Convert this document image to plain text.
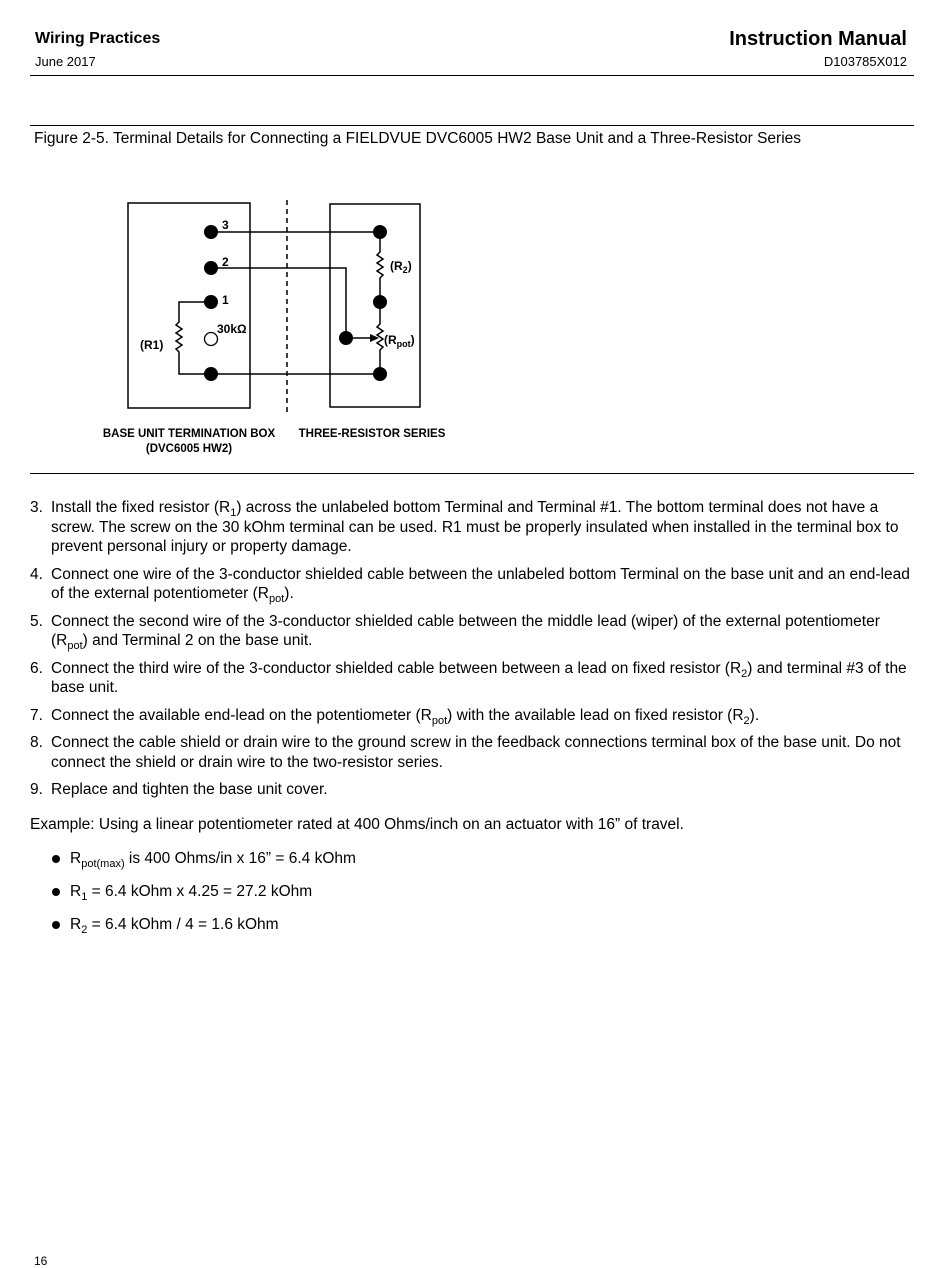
Wiring Practices
June 2017
Instruction Manual
D103785X012
Figure 2-5. Terminal Details for Connecting a FIELDVUE DVC6005 HW2 Base Unit and a Three-Resistor Series
3
2
1
30kΩ
(R1)
$(R_2)$
$(R_{pot})$
BASE UNIT TERMINATION BOX
(DVC6005 HW2)
THREE-RESISTOR SERIES
3. Install the fixed resistor $(R_1)$ across the unlabeled bottom Terminal and Terminal #1. The bottom terminal does not have a screw. The screw on the 30 kOhm terminal can be used. R1 must be properly insulated when installed in the terminal box to prevent personal injury or property damage.
4. Connect one wire of the 3-conductor shielded cable between the unlabeled bottom Terminal on the base unit and an end-lead of the external potentiometer $(R_{pot})$.
5. Connect the second wire of the 3-conductor shielded cable between the middle lead (wiper) of the external potentiometer $(R_{pot})$ and Terminal 2 on the base unit.
6. Connect the third wire of the 3-conductor shielded cable between between a lead on fixed resistor $(R_2)$ and terminal #3 of the base unit.
7. Connect the available end-lead on the potentiometer $(R_{pot})$ with the available lead on fixed resistor $(R_2)$.
8. Connect the cable shield or drain wire to the ground screw in the feedback connections terminal box of the base unit. Do not connect the shield or drain wire to the two-resistor series.
9. Replace and tighten the base unit cover.
Example: Using a linear potentiometer rated at 400 Ohms/inch on an actuator with 16” of travel.
$R_{pot(max)}$ is 400 Ohms/in x 16” = 6.4 kOhm
$R_1 = 6.4$ kOhm x 4.25 = 27.2 kOhm
$R_2 = 6.4$ kOhm / 4 = 1.6 kOhm
16
